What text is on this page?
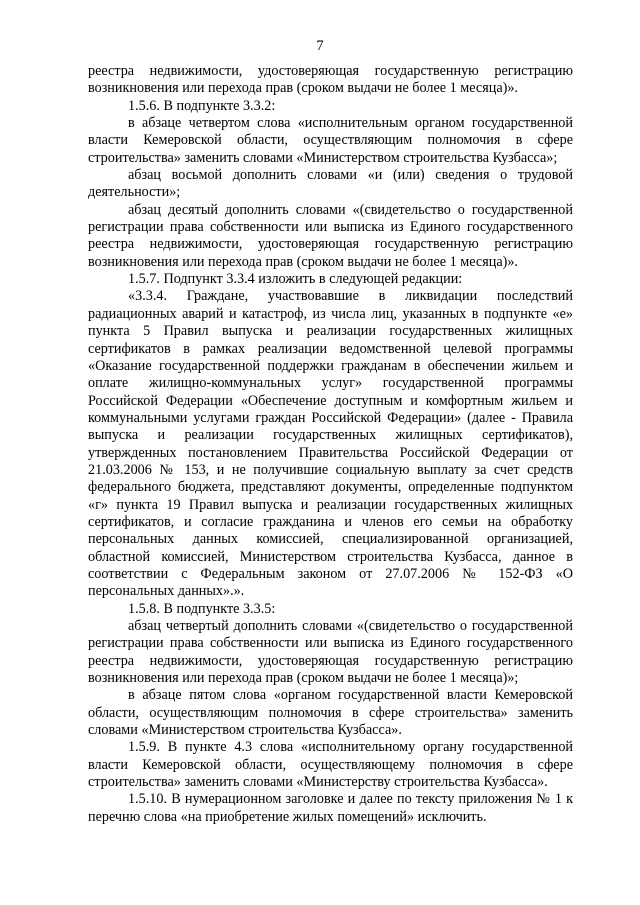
7

реестра недвижимости, удостоверяющая государственную регистрацию возникновения или перехода прав (сроком выдачи не более 1 месяца)».

1.5.6. В подпункте 3.3.2:

в абзаце четвертом слова «исполнительным органом государственной власти Кемеровской области, осуществляющим полномочия в сфере строительства» заменить словами «Министерством строительства Кузбасса»;

абзац восьмой дополнить словами «и (или) сведения о трудовой деятельности»;

абзац десятый дополнить словами «(свидетельство о государственной регистрации права собственности или выписка из Единого государственного реестра недвижимости, удостоверяющая государственную регистрацию возникновения или перехода прав (сроком выдачи не более 1 месяца)».

1.5.7. Подпункт 3.3.4 изложить в следующей редакции:

«3.3.4. Граждане, участвовавшие в ликвидации последствий радиационных аварий и катастроф, из числа лиц, указанных в подпункте «е» пункта 5 Правил выпуска и реализации государственных жилищных сертификатов в рамках реализации ведомственной целевой программы «Оказание государственной поддержки гражданам в обеспечении жильем и оплате жилищно-коммунальных услуг» государственной программы Российской Федерации «Обеспечение доступным и комфортным жильем и коммунальными услугами граждан Российской Федерации» (далее - Правила выпуска и реализации государственных жилищных сертификатов), утвержденных постановлением Правительства Российской Федерации от 21.03.2006 № 153, и не получившие социальную выплату за счет средств федерального бюджета, представляют документы, определенные подпунктом «г» пункта 19 Правил выпуска и реализации государственных жилищных сертификатов, и согласие гражданина и членов его семьи на обработку персональных данных комиссией, специализированной организацией, областной комиссией, Министерством строительства Кузбасса, данное в соответствии с Федеральным законом от 27.07.2006 № 152-ФЗ «О персональных данных».».

1.5.8. В подпункте 3.3.5:

абзац четвертый дополнить словами «(свидетельство о государственной регистрации права собственности или выписка из Единого государственного реестра недвижимости, удостоверяющая государственную регистрацию возникновения или перехода прав (сроком выдачи не более 1 месяца)»;

в абзаце пятом слова «органом государственной власти Кемеровской области, осуществляющим полномочия в сфере строительства» заменить словами «Министерством строительства Кузбасса».

1.5.9. В пункте 4.3 слова «исполнительному органу государственной власти Кемеровской области, осуществляющему полномочия в сфере строительства» заменить словами «Министерству строительства Кузбасса».

1.5.10. В нумерационном заголовке и далее по тексту приложения № 1 к перечню слова «на приобретение жилых помещений» исключить.
